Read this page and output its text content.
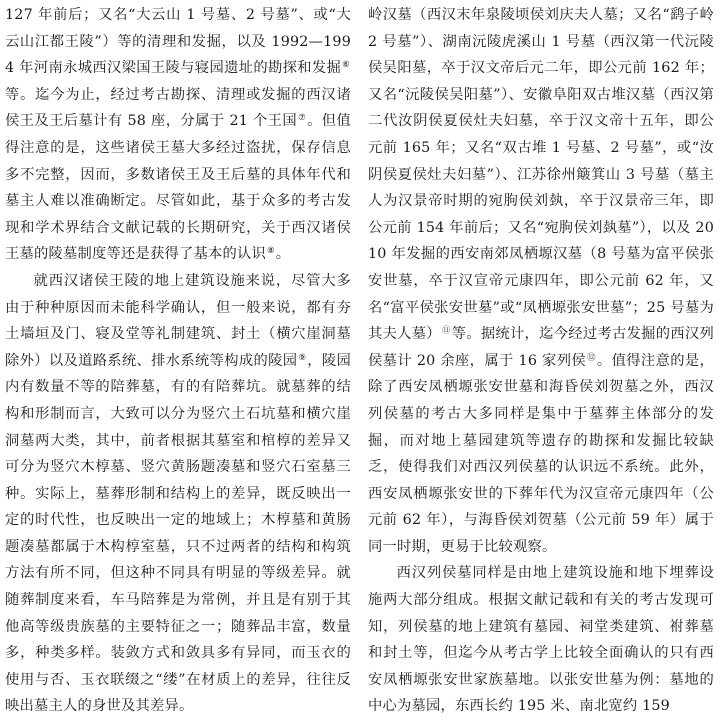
127 年前后；又名“大云山 1 号墓、2 号墓”、或“大云山江都王陵”）等的清理和发掘，以及 1992—1994 年河南永城西汉梁国王陵与寝园遗址的勘探和发掘⑥等。迄今为止，经过考古勘探、清理或发掘的西汉诸侯王及王后墓计有 58 座，分属于 21 个王国⑦。但值得注意的是，这些诸侯王墓大多经过盗扰，保存信息多不完整，因而，多数诸侯王及王后墓的具体年代和墓主人难以准确断定。尽管如此，基于众多的考古发现和学术界结合文献记载的长期研究，关于西汉诸侯王墓的陵墓制度等还是获得了基本的认识⑧。

就西汉诸侯王陵的地上建筑设施来说，尽管大多由于种种原因而未能科学确认，但一般来说，都有夯土墙垣及门、寝及堂等礼制建筑、封土（横穴崖洞墓除外）以及道路系统、排水系统等构成的陵园⑨，陵园内有数量不等的陪葬墓，有的有陪葬坑。就墓葬的结构和形制而言，大致可以分为竖穴土石坑墓和横穴崖洞墓两大类，其中，前者根据其墓室和棺椁的差异又可分为竖穴木椁墓、竖穴黄肠题凑墓和竖穴石室墓三种。实际上，墓葬形制和结构上的差异，既反映出一定的时代性，也反映出一定的地域上；木椁墓和黄肠题凑墓都属于木构椁室墓，只不过两者的结构和构筑方法有所不同，但这种不同具有明显的等级差异。就随葬制度来看，车马陪葬是为常例，并且是有别于其他高等级贵族墓的主要特征之一；随葬品丰富，数量多，种类多样。装敛方式和敛具多有异同，而玉衣的使用与否、玉衣联缀之“缕”在材质上的差异，往往反映出墓主人的身世及其差异。

岭汉墓（西汉末年泉陵顷侯刘庆夫人墓；又名“鹞子岭 2 号墓”）、湖南沅陵虎溪山 1 号墓（西汉第一代沅陵侯吴阳墓，卒于汉文帝后元二年，即公元前 162 年；又名“沅陵侯吴阳墓”）、安徽阜阳双古堆汉墓（西汉第二代汝阴侯夏侯灶夫妇墓，卒于汉文帝十五年，即公元前 165 年；又名“双古堆 1 号墓、2 号墓”，或“汝阴侯夏侯灶夫妇墓”）、江苏徐州簸箕山 3 号墓（墓主人为汉景帝时期的宛朐侯刘埶，卒于汉景帝三年，即公元前 154 年前后；又名“宛朐侯刘埶墓”），以及 2010 年发掘的西安南郊凤栖塬汉墓（8 号墓为富平侯张安世墓，卒于汉宣帝元康四年，即公元前 62 年，又名“富平侯张安世墓”或“凤栖塬张安世墓”；25 号墓为其夫人墓）⑪等。据统计，迄今经过考古发掘的西汉列侯墓计 20 余座，属于 16 家列侯⑫。值得注意的是，除了西安凤栖塬张安世墓和海昏侯刘贺墓之外，西汉列侯墓的考古大多同样是集中于墓葬主体部分的发掘，而对地上墓园建筑等遗存的勘探和发掘比较缺乏，使得我们对西汉列侯墓的认识远不系统。此外，西安凤栖塬张安世的下葬年代为汉宣帝元康四年（公元前 62 年），与海昏侯刘贺墓（公元前 59 年）属于同一时期，更易于比较观察。

西汉列侯墓同样是由地上建筑设施和地下埋葬设施两大部分组成。根据文献记载和有关的考古发现可知，列侯墓的地上建筑有墓园、祠堂类建筑、祔葬墓和封土等，但迄今从考古学上比较全面确认的只有西安凤栖塬张安世家族墓地。以张安世墓为例：墓地的中心为墓园，东西长约 195 米、南北宽约 159
